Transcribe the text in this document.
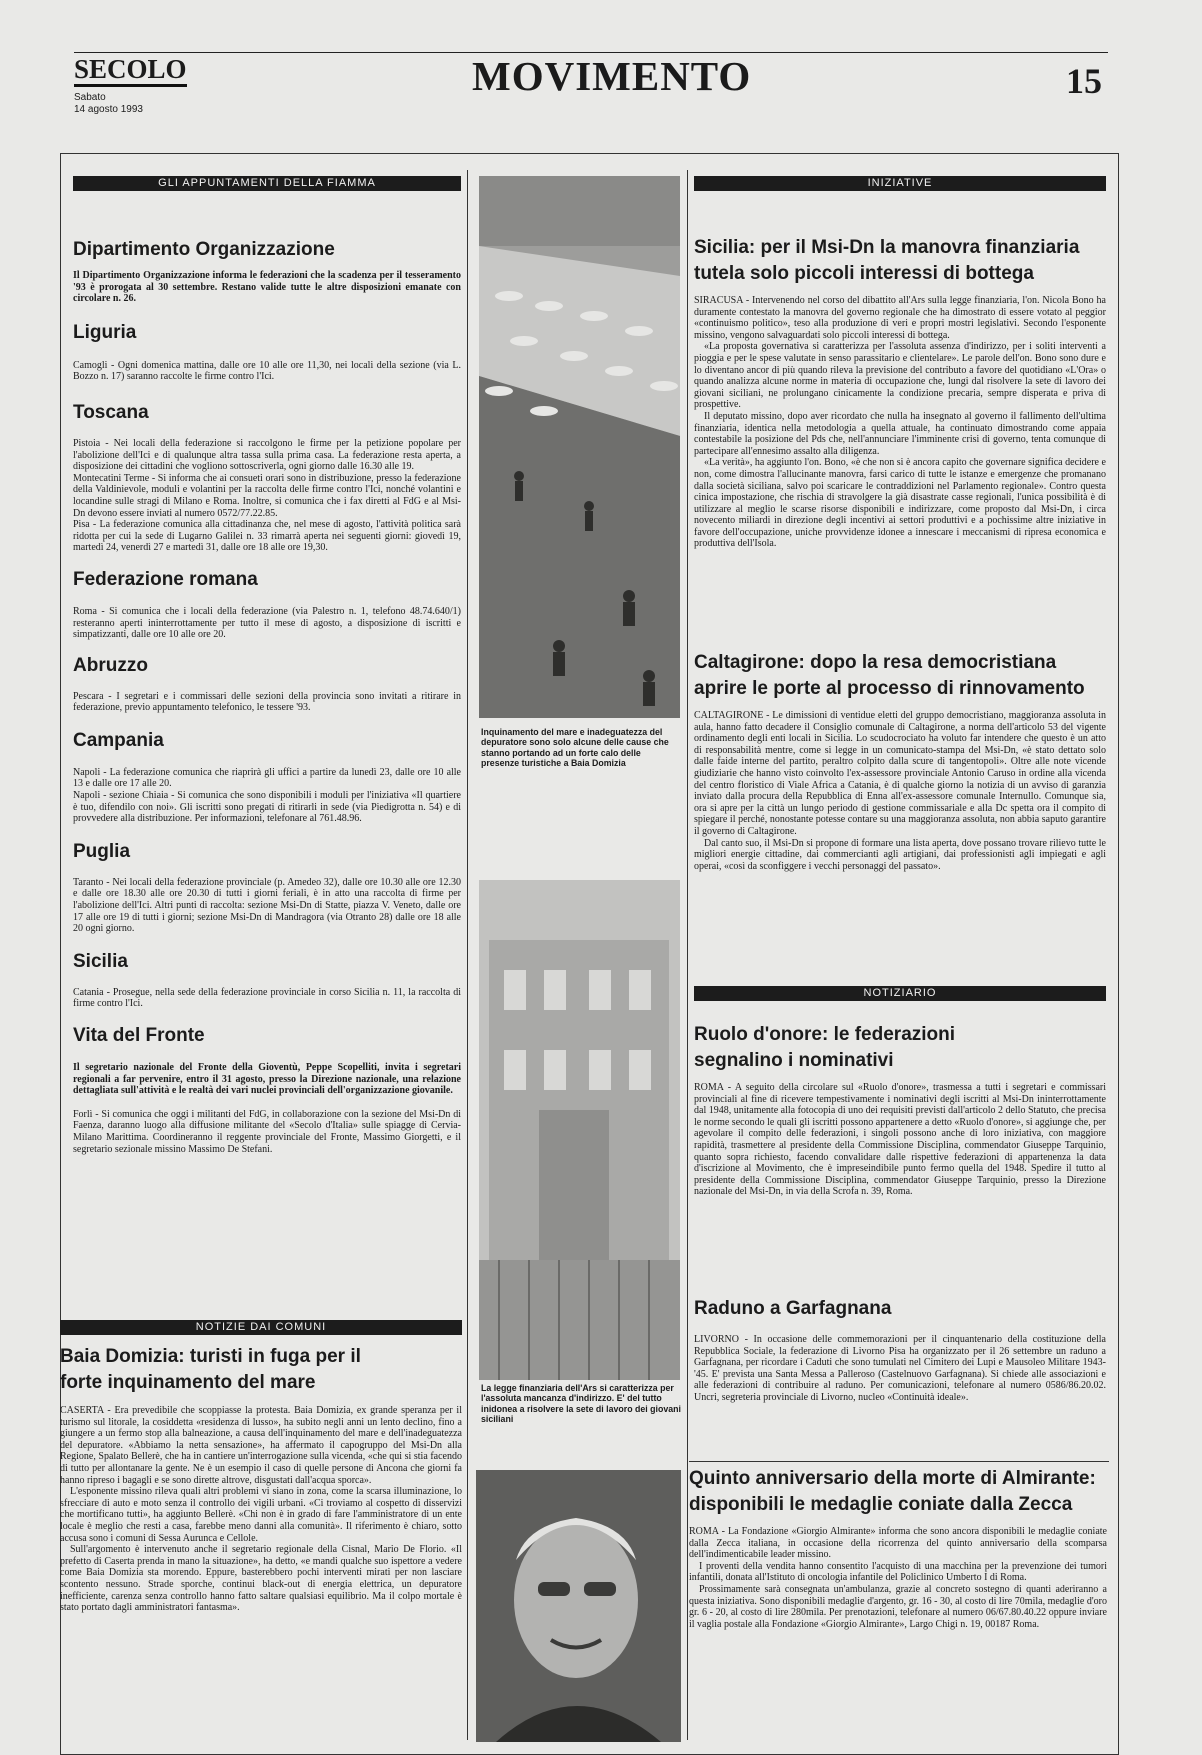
SECOLO
Sabato
14 agosto 1993
MOVIMENTO	15
GLI APPUNTAMENTI DELLA FIAMMA
Dipartimento Organizzazione

Il Dipartimento Organizzazione informa le federazioni che la scadenza per il tesseramento '93 è prorogata al 30 settembre. Restano valide tutte le altre disposizioni emanate con circolare n. 26.

Liguria

Camogli - Ogni domenica mattina, dalle ore 10 alle ore 11,30, nei locali della sezione (via L. Bozzo n. 17) saranno raccolte le firme contro l'Ici.

Toscana

Pistoia - Nei locali della federazione si raccolgono le firme per la petizione popolare per l'abolizione dell'Ici e di qualunque altra tassa sulla prima casa. La federazione resta aperta, a disposizione dei cittadini che vogliono sottoscriverla, ogni giorno dalle 16.30 alle 19.

Montecatini Terme - Si informa che ai consueti orari sono in distribuzione, presso la federazione della Valdinievole, moduli e volantini per la raccolta delle firme contro l'Ici, nonché volantini e locandine sulle stragi di Milano e Roma. Inoltre, si comunica che i fax diretti al FdG e al Msi-Dn devono essere inviati al numero 0572/77.22.85.

Pisa - La federazione comunica alla cittadinanza che, nel mese di agosto, l'attività politica sarà ridotta per cui la sede di Lugarno Galilei n. 33 rimarrà aperta nei seguenti giorni: giovedì 19, martedì 24, venerdì 27 e martedì 31, dalle ore 18 alle ore 19,30.

Federazione romana

Roma - Si comunica che i locali della federazione (via Palestro n. 1, telefono 48.74.640/1) resteranno aperti ininterrottamente per tutto il mese di agosto, a disposizione di iscritti e simpatizzanti, dalle ore 10 alle ore 20.

Abruzzo

Pescara - I segretari e i commissari delle sezioni della provincia sono invitati a ritirare in federazione, previo appuntamento telefonico, le tessere '93.

Campania

Napoli - La federazione comunica che riaprirà gli uffici a partire da lunedì 23, dalle ore 10 alle 13 e dalle ore 17 alle 20.

Napoli - sezione Chiaia - Si comunica che sono disponibili i moduli per l'iniziativa «Il quartiere è tuo, difendilo con noi». Gli iscritti sono pregati di ritirarli in sede (via Piedigrotta n. 54) e di provvedere alla distribuzione. Per informazioni, telefonare al 761.48.96.

Puglia

Taranto - Nei locali della federazione provinciale (p. Amedeo 32), dalle ore 10.30 alle ore 12.30 e dalle ore 18.30 alle ore 20.30 di tutti i giorni feriali, è in atto una raccolta di firme per l'abolizione dell'Ici. Altri punti di raccolta: sezione Msi-Dn di Statte, piazza V. Veneto, dalle ore 17 alle ore 19 di tutti i giorni; sezione Msi-Dn di Mandragora (via Otranto 28) dalle ore 18 alle 20 ogni giorno.

Sicilia

Catania - Prosegue, nella sede della federazione provinciale in corso Sicilia n. 11, la raccolta di firme contro l'Ici.

Vita del Fronte

Il segretario nazionale del Fronte della Gioventù, Peppe Scopelliti, invita i segretari regionali a far pervenire, entro il 31 agosto, presso la Direzione nazionale, una relazione dettagliata sull'attività e le realtà dei vari nuclei provinciali dell'organizzazione giovanile.

Forlì - Si comunica che oggi i militanti del FdG, in collaborazione con la sezione del Msi-Dn di Faenza, daranno luogo alla diffusione militante del «Secolo d'Italia» sulle spiagge di Cervia-Milano Marittima. Coordineranno il reggente provinciale del Fronte, Massimo Giorgetti, e il segretario sezionale missino Massimo De Stefani.

NOTIZIE DAI COMUNI
Baia Domizia: turisti in fuga per il forte inquinamento del mare

CASERTA - Era prevedibile che scoppiasse la protesta. Baia Domizia, ex grande speranza per il turismo sul litorale, la cosiddetta «residenza di lusso», ha subito negli anni un lento declino, fino a giungere a un fermo stop alla balneazione, a causa dell'inquinamento del mare e dell'inadeguatezza del depuratore. «Abbiamo la netta sensazione», ha affermato il capogruppo del Msi-Dn alla Regione, Spalato Bellerè, che ha in cantiere un'interrogazione sulla vicenda, «che qui si stia facendo di tutto per allontanare la gente. Ne è un esempio il caso di quelle persone di Ancona che giorni fa hanno ripreso i bagagli e se sono dirette altrove, disgustati dall'acqua sporca».

L'esponente missino rileva quali altri problemi vi siano in zona, come la scarsa illuminazione, lo sfrecciare di auto e moto senza il controllo dei vigili urbani. «Ci troviamo al cospetto di disservizi che mortificano tutti», ha aggiunto Bellerè. «Chi non è in grado di fare l'amministratore di un ente locale è meglio che resti a casa, farebbe meno danni alla comunità». Il riferimento è chiaro, sotto accusa sono i comuni di Sessa Aurunca e Cellole.

Sull'argomento è intervenuto anche il segretario regionale della Cisnal, Mario De Florio. «Il prefetto di Caserta prenda in mano la situazione», ha detto, «e mandi qualche suo ispettore a vedere come Baia Domizia sta morendo. Eppure, basterebbero pochi interventi mirati per non lasciare scontento nessuno. Strade sporche, continui black-out di energia elettrica, un depuratore inefficiente, carenza senza controllo hanno fatto saltare qualsiasi equilibrio. Ma il colpo mortale è stato portato dagli amministratori fantasma».

Inquinamento del mare e inadeguatezza del depuratore sono solo alcune delle cause che stanno portando ad un forte calo delle presenze turistiche a Baia Domizia
La legge finanziaria dell'Ars si caratterizza per l'assoluta mancanza d'indirizzo. E' del tutto inidonea a risolvere la sete di lavoro dei giovani siciliani
INIZIATIVE
Sicilia: per il Msi-Dn la manovra finanziaria tutela solo piccoli interessi di bottega

SIRACUSA - Intervenendo nel corso del dibattito all'Ars sulla legge finanziaria, l'on. Nicola Bono ha duramente contestato la manovra del governo regionale che ha dimostrato di essere votato al peggior «continuismo politico», teso alla produzione di veri e propri mostri legislativi. Secondo l'esponente missino, vengono salvaguardati solo piccoli interessi di bottega.

«La proposta governativa si caratterizza per l'assoluta assenza d'indirizzo, per i soliti interventi a pioggia e per le spese valutate in senso parassitario e clientelare». Le parole dell'on. Bono sono dure e lo diventano ancor di più quando rileva la previsione del contributo a favore del quotidiano «L'Ora» o quando analizza alcune norme in materia di occupazione che, lungi dal risolvere la sete di lavoro dei giovani siciliani, ne prolungano cinicamente la condizione precaria, sempre disperata e priva di prospettive.

Il deputato missino, dopo aver ricordato che nulla ha insegnato al governo il fallimento dell'ultima finanziaria, identica nella metodologia a quella attuale, ha continuato dimostrando come appaia contestabile la posizione del Pds che, nell'annunciare l'imminente crisi di governo, tenta comunque di partecipare all'ennesimo assalto alla diligenza.

«La verità», ha aggiunto l'on. Bono, «è che non si è ancora capito che governare significa decidere e non, come dimostra l'allucinante manovra, farsi carico di tutte le istanze e emergenze che promanano dalla società siciliana, salvo poi scaricare le contraddizioni nel Parlamento regionale». Contro questa cinica impostazione, che rischia di stravolgere la già disastrate casse regionali, l'unica possibilità è di utilizzare al meglio le scarse risorse disponibili e indirizzare, come proposto dal Msi-Dn, i circa novecento miliardi in direzione degli incentivi ai settori produttivi e a pochissime altre iniziative in favore dell'occupazione, uniche provvidenze idonee a innescare i meccanismi di ripresa economica e produttiva dell'Isola.

Caltagirone: dopo la resa democristiana aprire le porte al processo di rinnovamento

CALTAGIRONE - Le dimissioni di ventidue eletti del gruppo democristiano, maggioranza assoluta in aula, hanno fatto decadere il Consiglio comunale di Caltagirone, a norma dell'articolo 53 del vigente ordinamento degli enti locali in Sicilia. Lo scudocrociato ha voluto far intendere che questo è un atto di responsabilità mentre, come si legge in un comunicato-stampa del Msi-Dn, «è stato dettato solo dalle faide interne del partito, peraltro colpito dalla scure di tangentopoli». Oltre alle note vicende giudiziarie che hanno visto coinvolto l'ex-assessore provinciale Antonio Caruso in ordine alla vicenda del centro floristico di Viale Africa a Catania, è di qualche giorno la notizia di un avviso di garanzia inviato dalla procura della Repubblica di Enna all'ex-assessore comunale Internullo. Comunque sia, ora si apre per la città un lungo periodo di gestione commissariale e alla Dc spetta ora il compito di spiegare il perché, nonostante potesse contare su una maggioranza assoluta, non abbia saputo garantire il governo di Caltagirone.

Dal canto suo, il Msi-Dn si propone di formare una lista aperta, dove possano trovare rilievo tutte le migliori energie cittadine, dai commercianti agli artigiani, dai professionisti agli impiegati e agli operai, «così da sconfiggere i vecchi personaggi del passato».

NOTIZIARIO
Ruolo d'onore: le federazioni segnalino i nominativi

ROMA - A seguito della circolare sul «Ruolo d'onore», trasmessa a tutti i segretari e commissari provinciali al fine di ricevere tempestivamente i nominativi degli iscritti al Msi-Dn ininterrottamente dal 1948, unitamente alla fotocopia di uno dei requisiti previsti dall'articolo 2 dello Statuto, che precisa le norme secondo le quali gli iscritti possono appartenere a detto «Ruolo d'onore», si aggiunge che, per agevolare il compito delle federazioni, i singoli possono anche di loro iniziativa, con maggiore rapidità, trasmettere al presidente della Commissione Disciplina, commendator Giuseppe Tarquinio, quanto sopra richiesto, facendo convalidare dalle rispettive federazioni di appartenenza la data d'iscrizione al Movimento, che è impreseindibile punto fermo quella del 1948. Spedire il tutto al presidente della Commissione Disciplina, commendator Giuseppe Tarquinio, presso la Direzione nazionale del Msi-Dn, in via della Scrofa n. 39, Roma.

Raduno a Garfagnana

LIVORNO - In occasione delle commemorazioni per il cinquantenario della costituzione della Repubblica Sociale, la federazione di Livorno Pisa ha organizzato per il 26 settembre un raduno a Garfagnana, per ricordare i Caduti che sono tumulati nel Cimitero dei Lupi e Mausoleo Militare 1943-'45. E' prevista una Santa Messa a Palleroso (Castelnuovo Garfagnana). Si chiede alle associazioni e alle federazioni di contribuire al raduno. Per comunicazioni, telefonare al numero 0586/86.20.02. Uncri, segreteria provinciale di Livorno, nucleo «Continuità ideale».

Quinto anniversario della morte di Almirante: disponibili le medaglie coniate dalla Zecca

ROMA - La Fondazione «Giorgio Almirante» informa che sono ancora disponibili le medaglie coniate dalla Zecca italiana, in occasione della ricorrenza del quinto anniversario della scomparsa dell'indimenticabile leader missino.

I proventi della vendita hanno consentito l'acquisto di una macchina per la prevenzione dei tumori infantili, donata all'Istituto di oncologia infantile del Policlinico Umberto I di Roma.

Prossimamente sarà consegnata un'ambulanza, grazie al concreto sostegno di quanti aderiranno a questa iniziativa. Sono disponibili medaglie d'argento, gr. 16 - 30, al costo di lire 70mila, medaglie d'oro gr. 6 - 20, al costo di lire 280mila. Per prenotazioni, telefonare al numero 06/67.80.40.22 oppure inviare il vaglia postale alla Fondazione «Giorgio Almirante», Largo Chigi n. 19, 00187 Roma.
